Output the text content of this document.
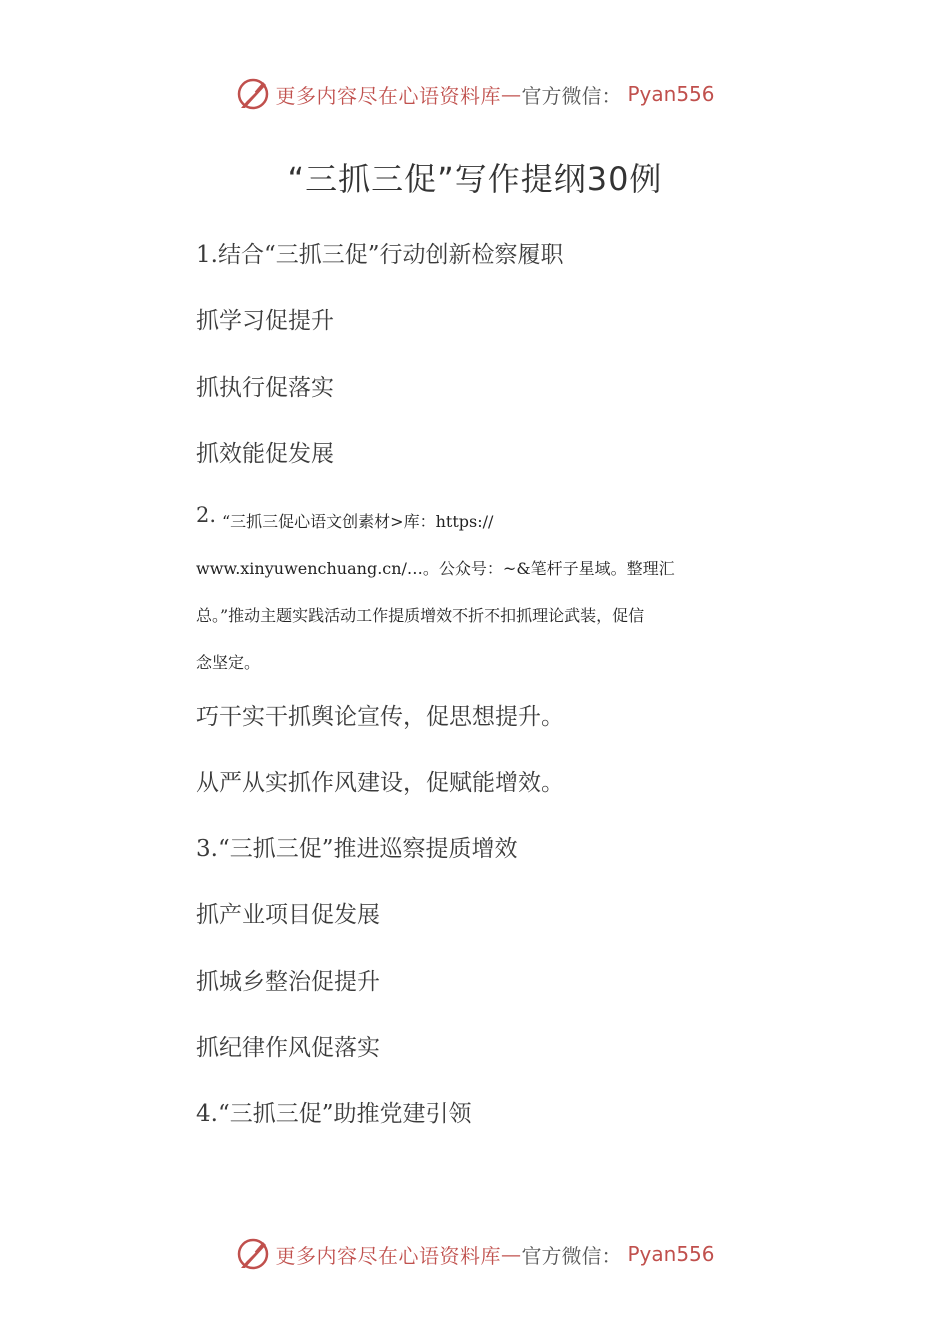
更多内容尽在心语资料库 — 官方微信： Pyan556
“三抓三促”写作提纲30例

1.结合“三抓三促”行动创新检察履职

抓学习促提升

抓执行促落实

抓效能促发展

2. “三抓三促心语文创素材>库：https://

www.xinyuwenchuang.cn/…。公众号：~&笔杆子星域。整理汇

总。”推动主题实践活动工作提质增效不折不扣抓理论武装，促信

念坚定。

巧干实干抓舆论宣传，促思想提升。

从严从实抓作风建设，促赋能增效。

3.“三抓三促”推进巡察提质增效

抓产业项目促发展

抓城乡整治促提升

抓纪律作风促落实

4.“三抓三促”助推党建引领

更多内容尽在心语资料库 — 官方微信： Pyan556
